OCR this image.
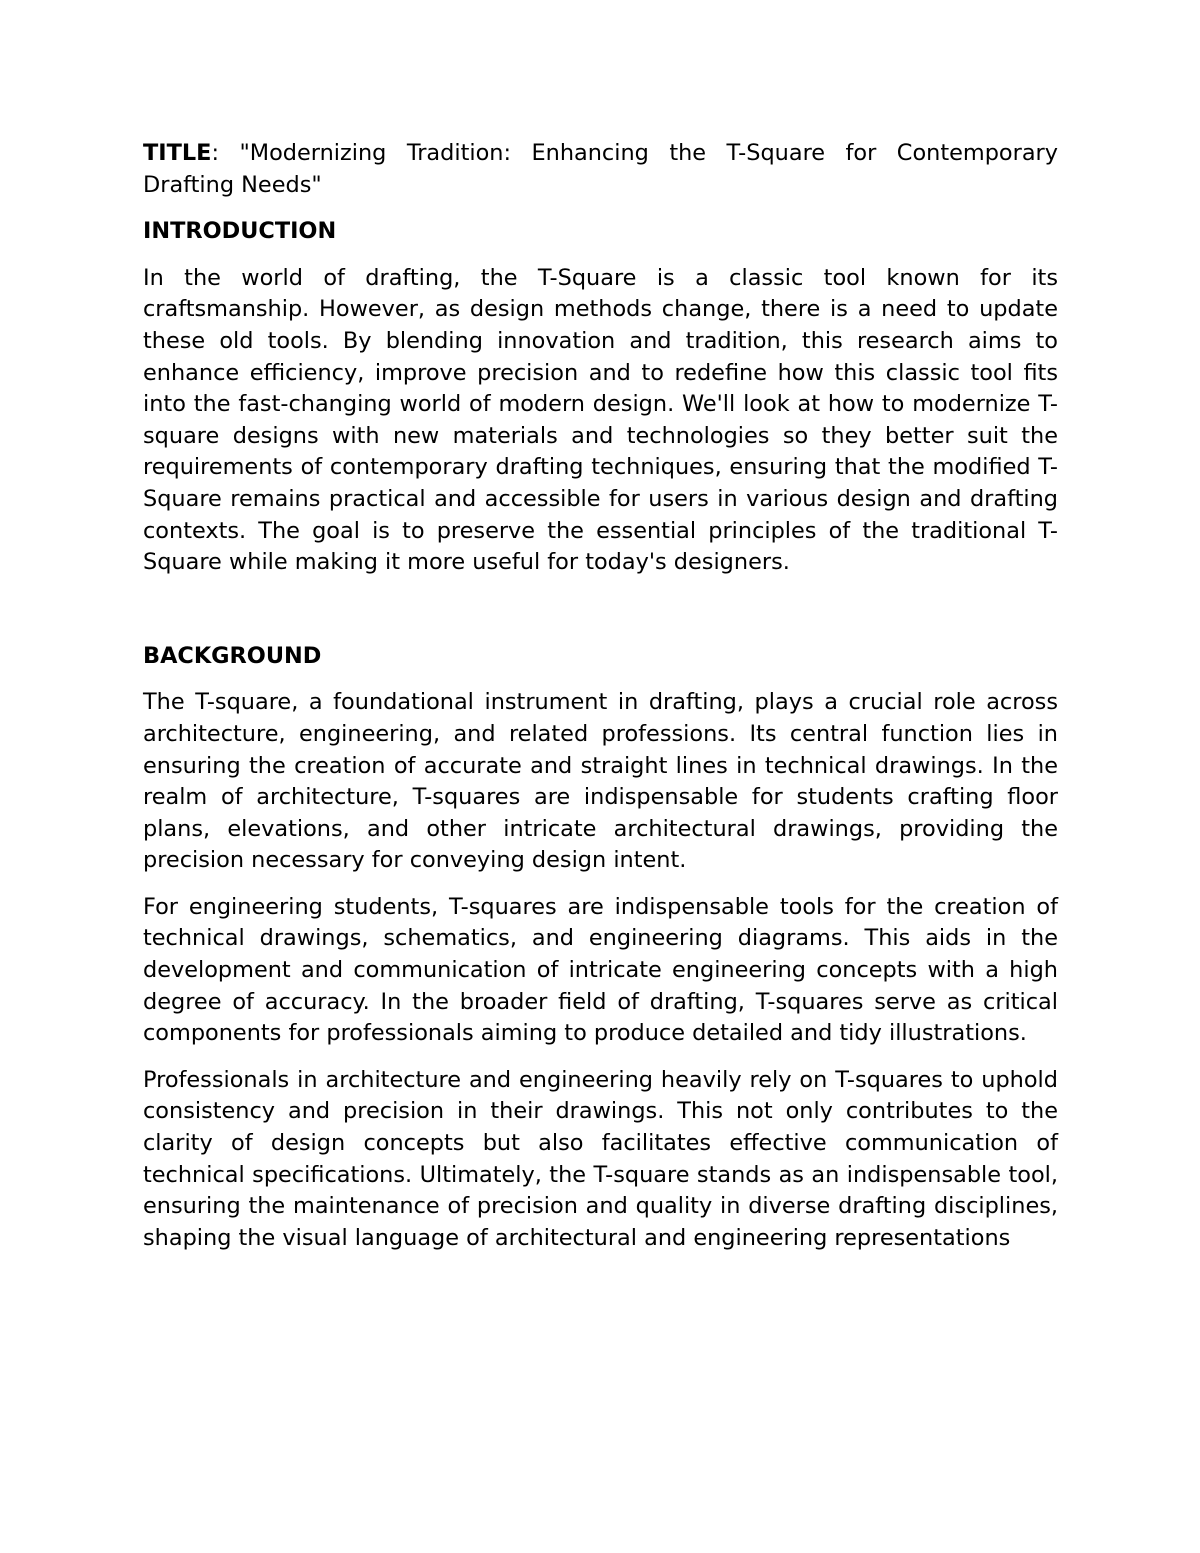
TITLE: "Modernizing Tradition: Enhancing the T-Square for Contemporary Drafting Needs"

INTRODUCTION

In the world of drafting, the T-Square is a classic tool known for its craftsmanship. However, as design methods change, there is a need to update these old tools. By blending innovation and tradition, this research aims to enhance efficiency, improve precision and to redefine how this classic tool fits into the fast-changing world of modern design. We'll look at how to modernize T-square designs with new materials and technologies so they better suit the requirements of contemporary drafting techniques, ensuring that the modified T-Square remains practical and accessible for users in various design and drafting contexts. The goal is to preserve the essential principles of the traditional T-Square while making it more useful for today's designers.

BACKGROUND

The T-square, a foundational instrument in drafting, plays a crucial role across architecture, engineering, and related professions. Its central function lies in ensuring the creation of accurate and straight lines in technical drawings. In the realm of architecture, T-squares are indispensable for students crafting floor plans, elevations, and other intricate architectural drawings, providing the precision necessary for conveying design intent.

For engineering students, T-squares are indispensable tools for the creation of technical drawings, schematics, and engineering diagrams. This aids in the development and communication of intricate engineering concepts with a high degree of accuracy. In the broader field of drafting, T-squares serve as critical components for professionals aiming to produce detailed and tidy illustrations.

Professionals in architecture and engineering heavily rely on T-squares to uphold consistency and precision in their drawings. This not only contributes to the clarity of design concepts but also facilitates effective communication of technical specifications. Ultimately, the T-square stands as an indispensable tool, ensuring the maintenance of precision and quality in diverse drafting disciplines, shaping the visual language of architectural and engineering representations
